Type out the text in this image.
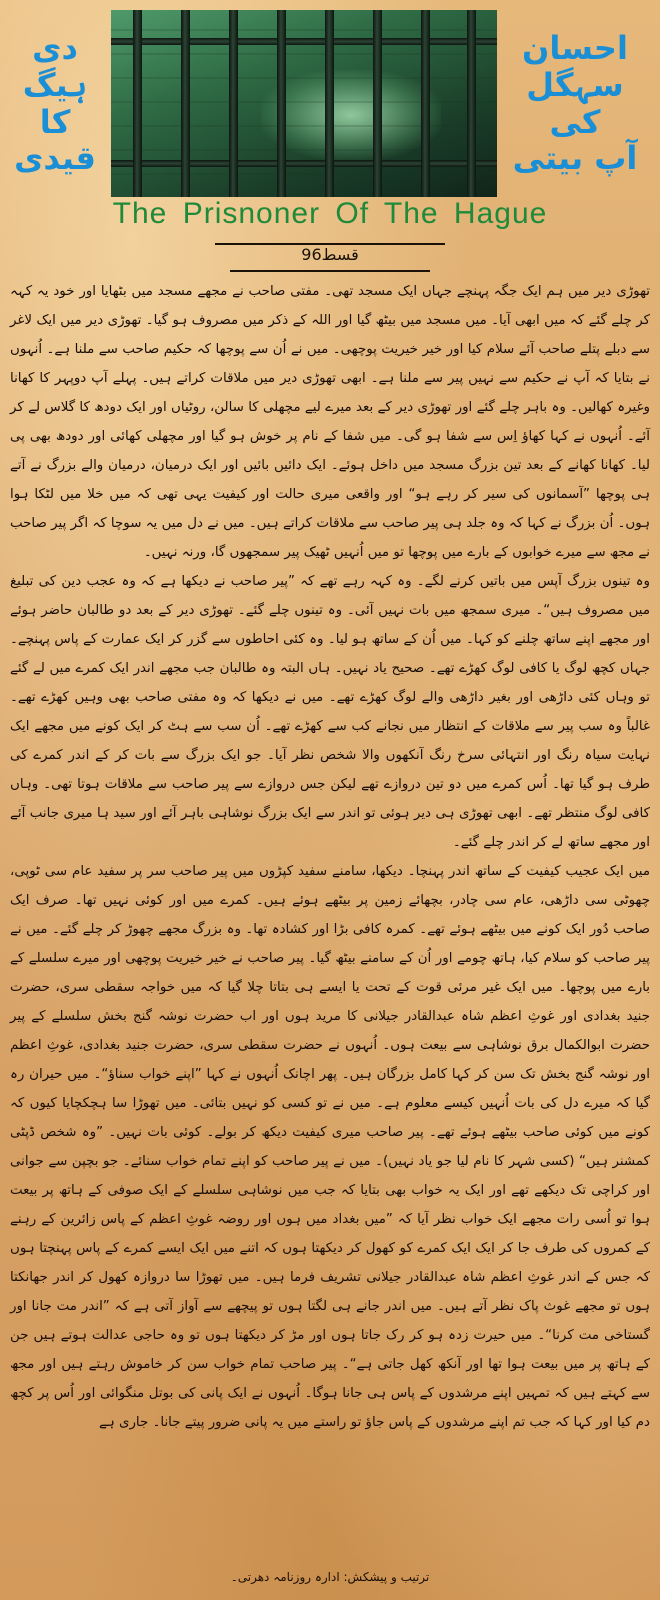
احسان سہگل
کی
آپ بیتی
دی ہیگ
کا
قیدی
The Prisnoner Of The Hague
قسط96

تھوڑی دیر میں ہم ایک جگہ پہنچے جہاں ایک مسجد تھی۔ مفتی صاحب نے مجھے مسجد میں بٹھایا اور خود یہ کہہ کر چلے گئے کہ میں ابھی آیا۔ میں مسجد میں بیٹھ گیا اور اللہ کے ذکر میں مصروف ہو گیا۔ تھوڑی دیر میں ایک لاغر سے دبلے پتلے صاحب آئے سلام کیا اور خیر خیریت پوچھی۔ میں نے اُن سے پوچھا کہ حکیم صاحب سے ملنا ہے۔ اُنہوں نے بتایا کہ آپ نے حکیم سے نہیں پیر سے ملنا ہے۔ ابھی تھوڑی دیر میں ملاقات کراتے ہیں۔ پہلے آپ دوپہر کا کھانا وغیرہ کھالیں۔ وہ باہر چلے گئے اور تھوڑی دیر کے بعد میرے لیے مچھلی کا سالن، روٹیاں اور ایک دودھ کا گلاس لے کر آئے۔ اُنہوں نے کہا کھاؤ اِس سے شفا ہو گی۔ میں شفا کے نام پر خوش ہو گیا اور مچھلی کھائی اور دودھ بھی پی لیا۔ کھانا کھانے کے بعد تین بزرگ مسجد میں داخل ہوئے۔ ایک دائیں بائیں اور ایک درمیان، درمیان والے بزرگ نے آتے ہی پوچھا ”آسمانوں کی سیر کر رہے ہو“ اور واقعی میری حالت اور کیفیت یہی تھی کہ میں خلا میں لٹکا ہوا ہوں۔ اُن بزرگ نے کہا کہ وہ جلد ہی پیر صاحب سے ملاقات کراتے ہیں۔ میں نے دل میں یہ سوچا کہ اگر پیر صاحب نے مجھ سے میرے خوابوں کے بارے میں پوچھا تو میں اُنہیں ٹھیک پیر سمجھوں گا، ورنہ نہیں۔

وہ تینوں بزرگ آپس میں باتیں کرنے لگے۔ وہ کہہ رہے تھے کہ ”پیر صاحب نے دیکھا ہے کہ وہ عجب دین کی تبلیغ میں مصروف ہیں“۔ میری سمجھ میں بات نہیں آئی۔ وہ تینوں چلے گئے۔ تھوڑی دیر کے بعد دو طالبان حاضر ہوئے اور مجھے اپنے ساتھ چلنے کو کہا۔ میں اُن کے ساتھ ہو لیا۔ وہ کئی احاطوں سے گزر کر ایک عمارت کے پاس پہنچے۔ جہاں کچھ لوگ یا کافی لوگ کھڑے تھے۔ صحیح یاد نہیں۔ ہاں البتہ وہ طالبان جب مجھے اندر ایک کمرے میں لے گئے تو وہاں کئی داڑھی اور بغیر داڑھی والے لوگ کھڑے تھے۔ میں نے دیکھا کہ وہ مفتی صاحب بھی وہیں کھڑے تھے۔ غالباً وہ سب پیر سے ملاقات کے انتظار میں نجانے کب سے کھڑے تھے۔ اُن سب سے ہٹ کر ایک کونے میں مجھے ایک نہایت سیاہ رنگ اور انتہائی سرخ رنگ آنکھوں والا شخص نظر آیا۔ جو ایک بزرگ سے بات کر کے اندر کمرے کی طرف ہو گیا تھا۔ اُس کمرے میں دو تین دروازے تھے لیکن جس دروازے سے پیر صاحب سے ملاقات ہوتا تھی۔ وہاں کافی لوگ منتظر تھے۔ ابھی تھوڑی ہی دیر ہوئی تو اندر سے ایک بزرگ نوشاہی باہر آئے اور سید ہا میری جانب آئے اور مجھے ساتھ لے کر اندر چلے گئے۔

میں ایک عجیب کیفیت کے ساتھ اندر پہنچا۔ دیکھا، سامنے سفید کپڑوں میں پیر صاحب سر پر سفید عام سی ٹوپی، چھوٹی سی داڑھی، عام سی چادر، بچھائے زمین پر بیٹھے ہوئے ہیں۔ کمرے میں اور کوئی نہیں تھا۔ صرف ایک صاحب دُور ایک کونے میں بیٹھے ہوئے تھے۔ کمرہ کافی بڑا اور کشادہ تھا۔ وہ بزرگ مجھے چھوڑ کر چلے گئے۔ میں نے پیر صاحب کو سلام کیا، ہاتھ چومے اور اُن کے سامنے بیٹھ گیا۔ پیر صاحب نے خیر خیریت پوچھی اور میرے سلسلے کے بارے میں پوچھا۔ میں ایک غیر مرئی قوت کے تحت یا ایسے ہی بتاتا چلا گیا کہ میں خواجہ سقطی سری، حضرت جنید بغدادی اور غوثِ اعظم شاہ عبدالقادر جیلانی کا مرید ہوں اور اب حضرت نوشہ گنج بخش سلسلے کے پیر حضرت ابوالکمال برق نوشاہی سے بیعت ہوں۔ اُنہوں نے حضرت سقطی سری، حضرت جنید بغدادی، غوثِ اعظم اور نوشہ گنج بخش تک سن کر کہا کامل بزرگان ہیں۔ پھر اچانک اُنہوں نے کہا ”اپنے خواب سناؤ“۔ میں حیران رہ گیا کہ میرے دل کی بات اُنہیں کیسے معلوم ہے۔ میں نے تو کسی کو نہیں بتائی۔ میں تھوڑا سا ہچکچایا کیوں کہ کونے میں کوئی صاحب بیٹھے ہوئے تھے۔ پیر صاحب میری کیفیت دیکھ کر بولے۔ کوئی بات نہیں۔ ”وہ شخص ڈپٹی کمشنر ہیں“ (کسی شہر کا نام لیا جو یاد نہیں)۔ میں نے پیر صاحب کو اپنے تمام خواب سنائے۔ جو بچپن سے جوانی اور کراچی تک دیکھے تھے اور ایک یہ خواب بھی بتایا کہ جب میں نوشاہی سلسلے کے ایک صوفی کے ہاتھ پر بیعت ہوا تو اُسی رات مجھے ایک خواب نظر آیا کہ ”میں بغداد میں ہوں اور روضہ غوثِ اعظم کے پاس زائرین کے رہنے کے کمروں کی طرف جا کر ایک ایک کمرے کو کھول کر دیکھتا ہوں کہ اتنے میں ایک ایسے کمرے کے پاس پہنچتا ہوں کہ جس کے اندر غوثِ اعظم شاہ عبدالقادر جیلانی تشریف فرما ہیں۔ میں تھوڑا سا دروازہ کھول کر اندر جھانکتا ہوں تو مجھے غوث پاک نظر آتے ہیں۔ میں اندر جانے ہی لگتا ہوں تو پیچھے سے آواز آتی ہے کہ ”اندر مت جانا اور گستاخی مت کرنا“۔ میں حیرت زدہ ہو کر رک جاتا ہوں اور مڑ کر دیکھتا ہوں تو وہ حاجی عدالت ہوتے ہیں جن کے ہاتھ پر میں بیعت ہوا تھا اور آنکھ کھل جاتی ہے“۔ پیر صاحب تمام خواب سن کر خاموش رہتے ہیں اور مجھ سے کہتے ہیں کہ تمہیں اپنے مرشدوں کے پاس ہی جانا ہوگا۔ اُنہوں نے ایک پانی کی بوتل منگوائی اور اُس پر کچھ دم کیا اور کہا کہ جب تم اپنے مرشدوں کے پاس جاؤ تو راستے میں یہ پانی ضرور پیتے جانا۔ جاری ہے

ترتیب و پیشکش: ادارہ روزنامہ دھرتی۔
